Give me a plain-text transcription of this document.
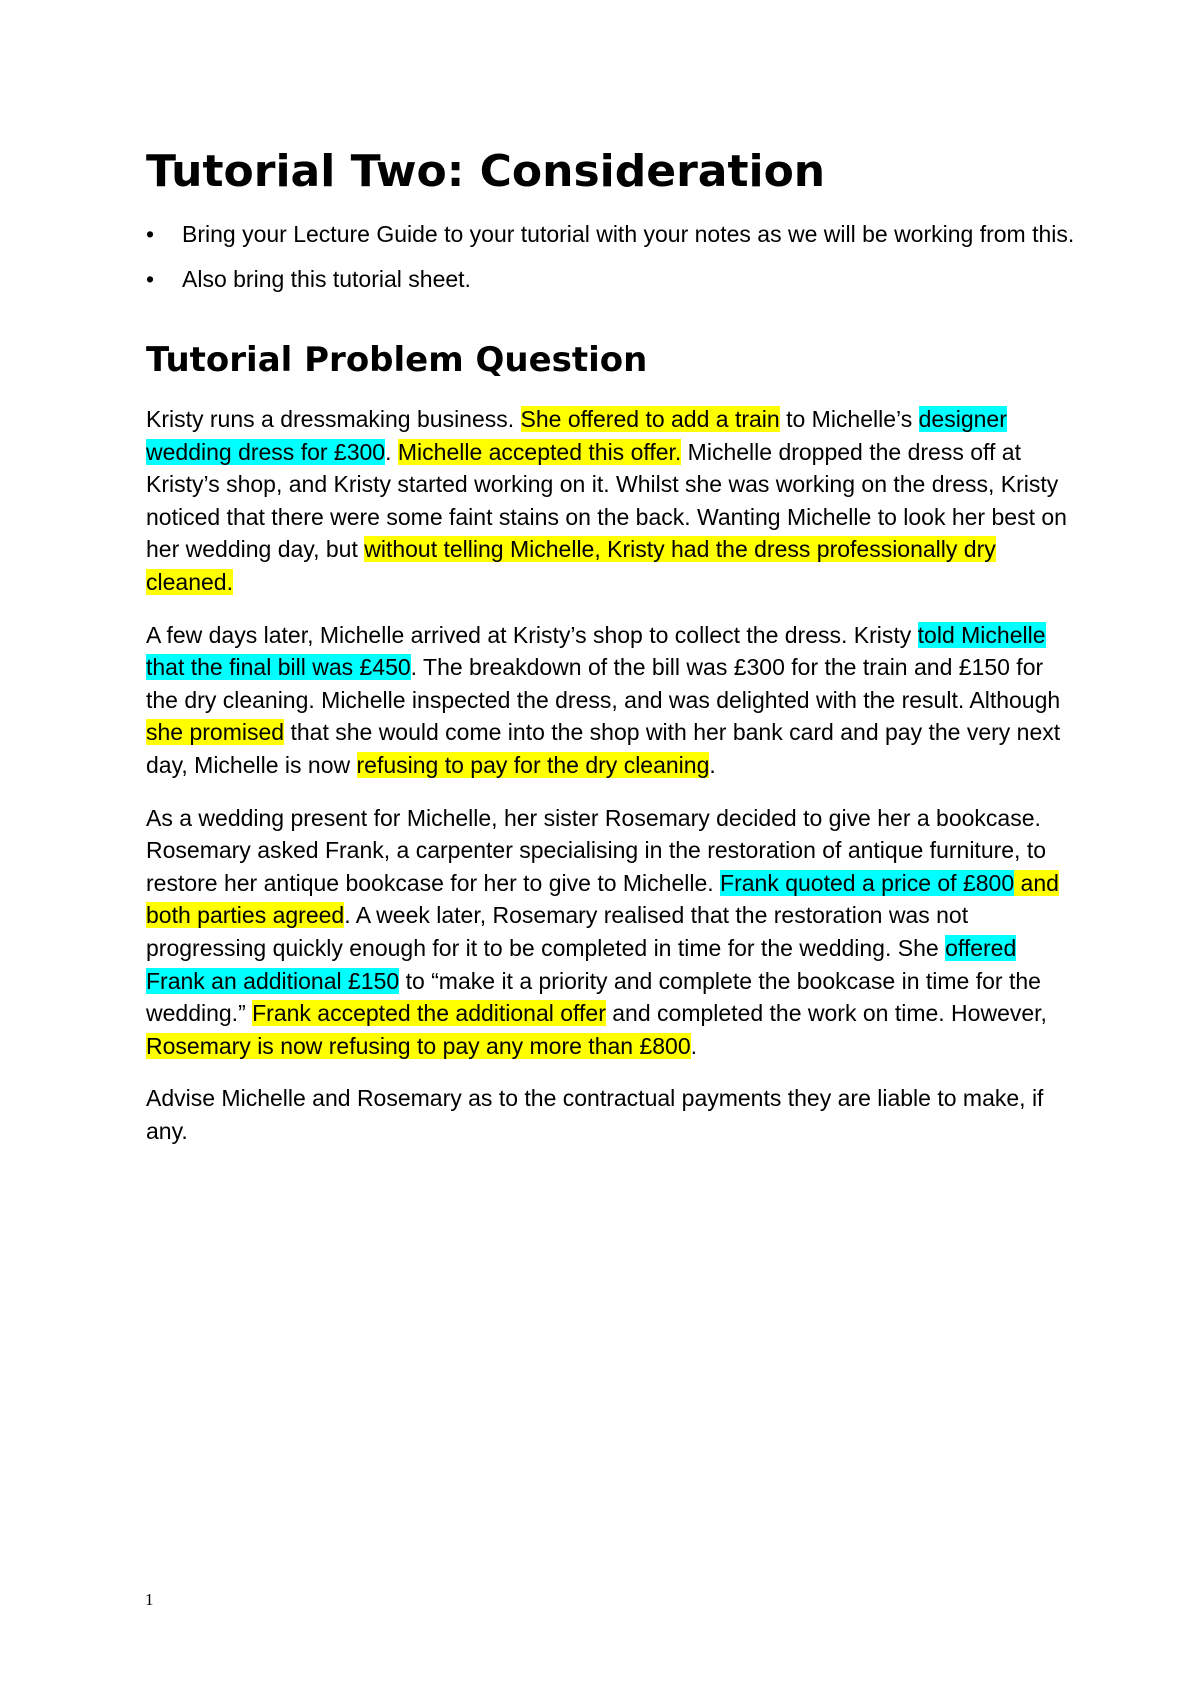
Tutorial Two: Consideration
• Bring your Lecture Guide to your tutorial with your notes as we will be working from this.
• Also bring this tutorial sheet.
Tutorial Problem Question

Kristy runs a dressmaking business. She offered to add a train to Michelle’s designer wedding dress for £300. Michelle accepted this offer. Michelle dropped the dress off at Kristy’s shop, and Kristy started working on it. Whilst she was working on the dress, Kristy noticed that there were some faint stains on the back. Wanting Michelle to look her best on her wedding day, but without telling Michelle, Kristy had the dress professionally dry cleaned.

A few days later, Michelle arrived at Kristy’s shop to collect the dress. Kristy told Michelle that the final bill was £450. The breakdown of the bill was £300 for the train and £150 for the dry cleaning. Michelle inspected the dress, and was delighted with the result. Although she promised that she would come into the shop with her bank card and pay the very next day, Michelle is now refusing to pay for the dry cleaning.

As a wedding present for Michelle, her sister Rosemary decided to give her a bookcase. Rosemary asked Frank, a carpenter specialising in the restoration of antique furniture, to restore her antique bookcase for her to give to Michelle. Frank quoted a price of £800 and both parties agreed. A week later, Rosemary realised that the restoration was not progressing quickly enough for it to be completed in time for the wedding. She offered Frank an additional £150 to “make it a priority and complete the bookcase in time for the wedding.” Frank accepted the additional offer and completed the work on time. However, Rosemary is now refusing to pay any more than £800.

Advise Michelle and Rosemary as to the contractual payments they are liable to make, if any.

1
